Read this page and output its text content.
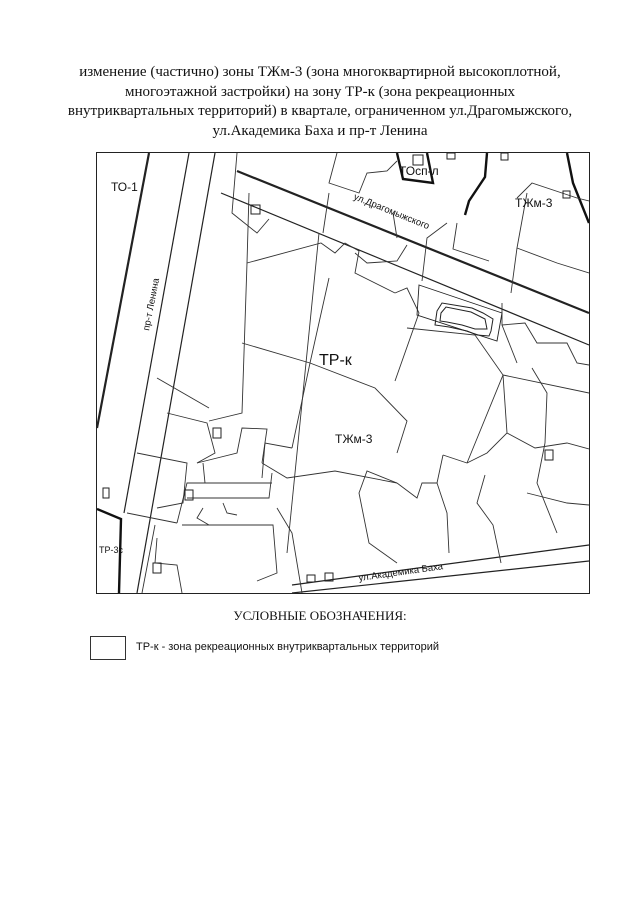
изменение (частично) зоны ТЖм-3 (зона многоквартирной высокоплотной,
многоэтажной застройки) на зону ТР-к (зона рекреационных
внутриквартальных территорий) в квартале, ограниченном ул.Драгомыжского,
ул.Академика Баха и пр-т Ленина
ТО-1
ТОсп-л
ТЖм-3
ТР-к
ТЖм-3
ТР-3с
пр-т Ленина
ул.Драгомыжского
ул.Академика Баха
УСЛОВНЫЕ ОБОЗНАЧЕНИЯ:
ТР-к - зона рекреационных внутриквартальных территорий
